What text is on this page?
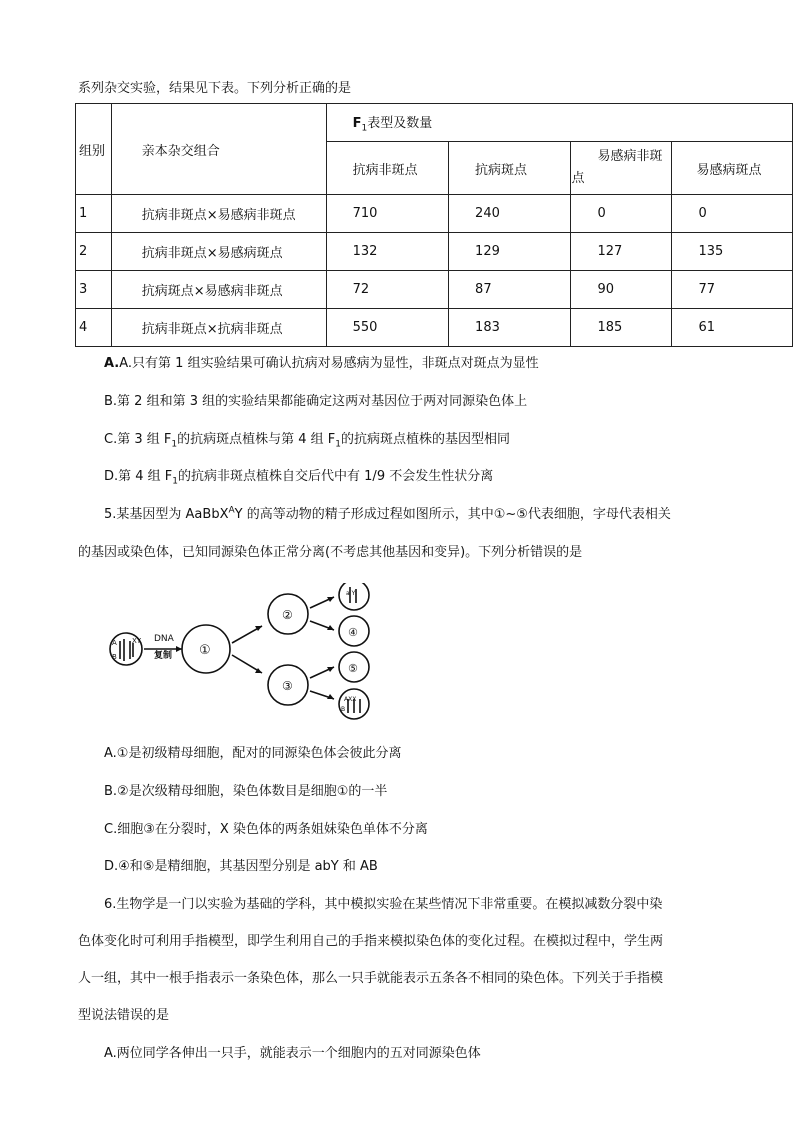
系列杂交实验，结果见下表。下列分析正确的是
组别	亲本杂交组合	$F_1$表型及数量			
		抗病非斑点	抗病斑点	易感病非斑点	易感病斑点
1	抗病非斑点×易感病非斑点	710	240	0	0
2	抗病非斑点×易感病斑点	132	129	127	135
3	抗病斑点×易感病非斑点	72	87	90	77
4	抗病非斑点×抗病非斑点	550	183	185	61
A.A.只有第 1 组实验结果可确认抗病对易感病为显性，非斑点对斑点为显性
B.第 2 组和第 3 组的实验结果都能确定这两对基因位于两对同源染色体上
C.第 3 组 $F_1$的抗病斑点植株与第 4 组 $F_1$的抗病斑点植株的基因型相同
D.第 4 组 $F_1$的抗病非斑点植株自交后代中有 1/9 不会发生性状分离
5.某基因型为 AaBbX$^A$Y 的高等动物的精子形成过程如图所示，其中①~⑤代表细胞，字母代表相关
的基因或染色体，已知同源染色体正常分离(不考虑其他基因和变异)。下列分析错误的是
DNA
复制 ①
②
③
④
⑤
A XY
B
a Y
AXX
B
A.①是初级精母细胞，配对的同源染色体会彼此分离
B.②是次级精母细胞，染色体数目是细胞①的一半
C.细胞③在分裂时，X 染色体的两条姐妹染色单体不分离
D.④和⑤是精细胞，其基因型分别是 abY 和 AB
6.生物学是一门以实验为基础的学科，其中模拟实验在某些情况下非常重要。在模拟减数分裂中染
色体变化时可利用手指模型，即学生利用自己的手指来模拟染色体的变化过程。在模拟过程中，学生两
人一组，其中一根手指表示一条染色体，那么一只手就能表示五条各不相同的染色体。下列关于手指模
型说法错误的是
A.两位同学各伸出一只手，就能表示一个细胞内的五对同源染色体
